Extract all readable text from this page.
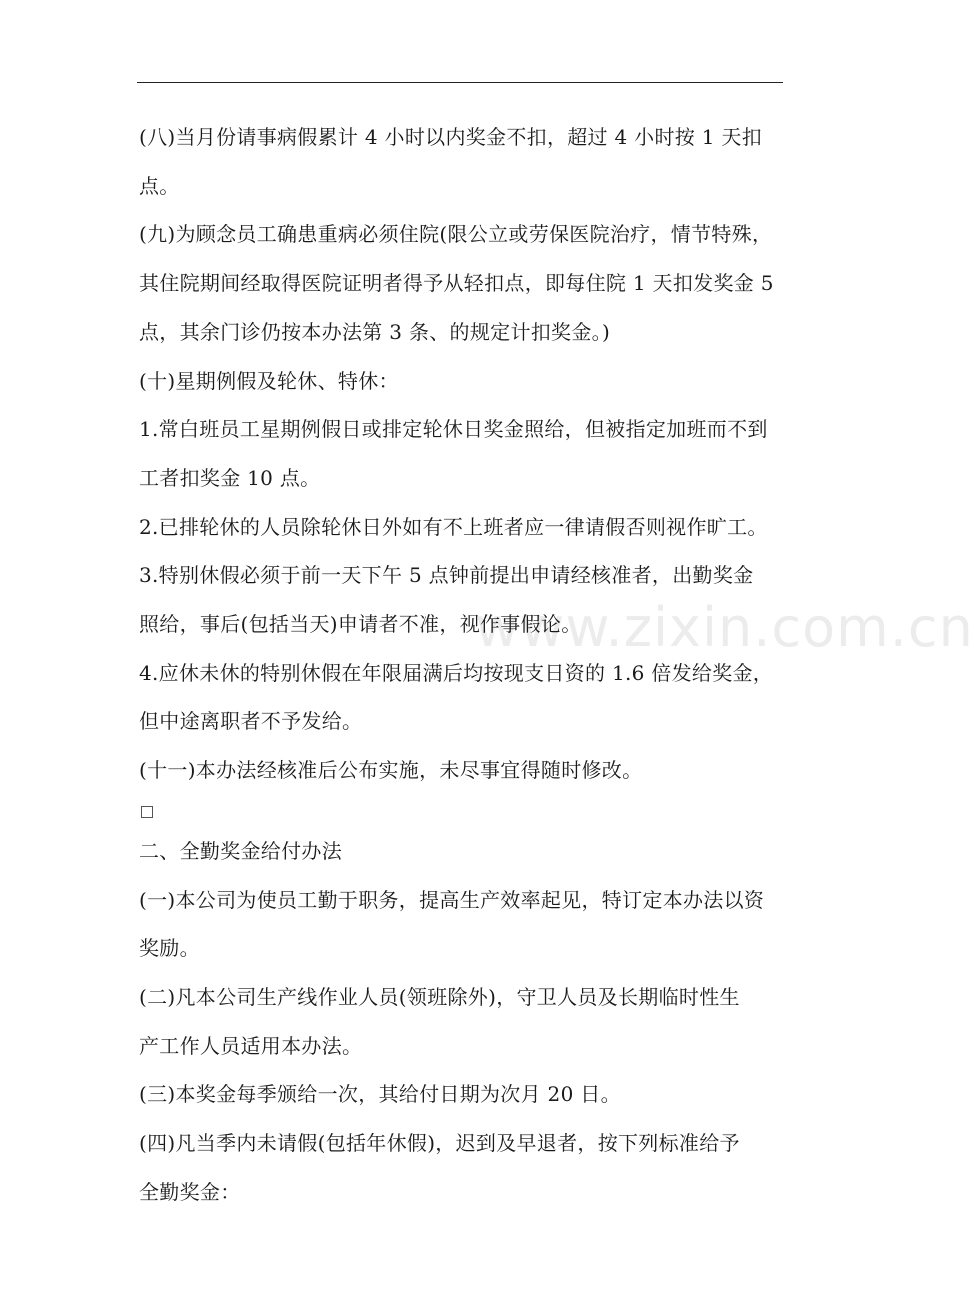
www.zixin.com.cn
(八)当月份请事病假累计 4 小时以内奖金不扣，超过 4 小时按 1 天扣
点。
(九)为顾念员工确患重病必须住院(限公立或劳保医院治疗，情节特殊，
其住院期间经取得医院证明者得予从轻扣点，即每住院 1 天扣发奖金 5
点，其余门诊仍按本办法第 3 条、的规定计扣奖金。)
(十)星期例假及轮休、特休：
1.常白班员工星期例假日或排定轮休日奖金照给，但被指定加班而不到
工者扣奖金 10 点。
2.已排轮休的人员除轮休日外如有不上班者应一律请假否则视作旷工。
3.特别休假必须于前一天下午 5 点钟前提出申请经核准者，出勤奖金
照给，事后(包括当天)申请者不准，视作事假论。
4.应休未休的特别休假在年限届满后均按现支日资的 1.6 倍发给奖金，
但中途离职者不予发给。
(十一)本办法经核准后公布实施，未尽事宜得随时修改。
二、全勤奖金给付办法
(一)本公司为使员工勤于职务，提高生产效率起见，特订定本办法以资
奖励。
(二)凡本公司生产线作业人员(领班除外)，守卫人员及长期临时性生
产工作人员适用本办法。
(三)本奖金每季颁给一次，其给付日期为次月 20 日。
(四)凡当季内未请假(包括年休假)，迟到及早退者，按下列标准给予
全勤奖金：
